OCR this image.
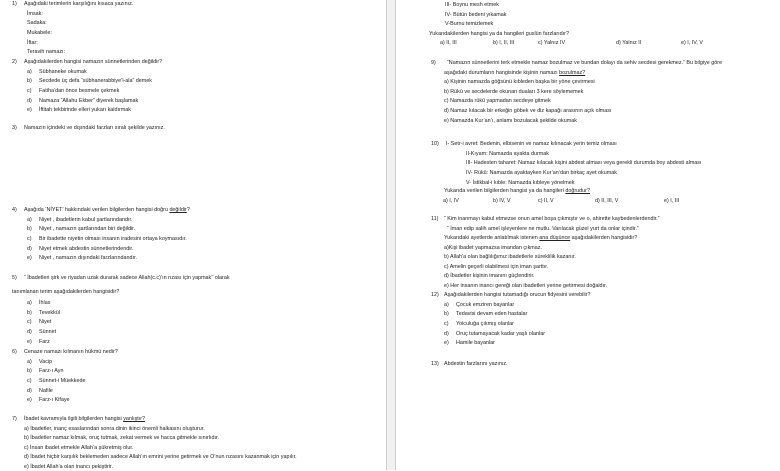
1) Aşağıdaki terimlerin karşılığını kısaca yazınız.
İmsak:
Sadaka:
Mukabele:
İftar:
Teravih namazı:
2) Aşağıdakilerden hangisi namazın sünnetlerinden değildir?
a) Sübhaneke okumak
b) Secdede üç defa “sübhanerabbiye’l-ala” demek
c) Fatiha’dan önce besmele çekmek
d) Namaza “Allahu Ekber” diyerek başlamak
e) İftitah tekbirinde elleri yukarı kaldırmak
3) Namazın içindeki ve dışındaki farzları sıralı şekilde yazınız.
4) Aşağıda ‘NİYET’ hakkındaki verilen bilgilerden hangisi doğru değildir?
a) Niyet , ibadetlerin kabul şartlarındandır.
b) Niyet , namazın şartlarından biri değildir.
c) Bir ibadette niyetin olması insanın iradesini ortaya koymasıdır.
d) Niyet etmek abdestin sünnetlerindendir.
e) Niyet , namazın dışındaki farzlarındandır.
5) “ İbadetleri şirk ve riyadan uzak durarak sadece Allah(c.c)’ın rızası için yapmak’’ olarak
tanımlanan terim aşağıdakilerden hangisidir?
a) İhlas
b) Tevekkül
c) Niyet
d) Sünnet
e) Farz
6) Cenaze namazı kılmanın hükmü nedir?
a) Vacip
b) Farz-ı Ayn
c) Sünnet-i Müekkede
d) Nafile
e) Farz-ı Kifaye
7) İbadet kavramıyla ilgili bilgilerden hangisi yanlıştır?
a) İbadetler, inanç esaslarından sonra dinin ikinci önemli halkasını oluşturur.
b) İbadetler namaz kılmak, oruç tutmak, zekat vermek ve hacca gitmekle sınırlıdır.
c) İnsan ibadet etmekle Allah’a şükretmiş olur.
d) İbadet hiçbir karşılık beklemeden sadece Allah’ın emrini yerine getirmek ve O’nun rızasını kazanmak için yapılır.
e) İbadet Allah’a olan inancı pekiştirir.
III- Boynu mesh etmek
IV- Bütün bedeni yıkamak
V-Burnu temizlemek
Yukarıdakilerden hangisi ya da hangileri guslün farzlarıdır?
a) II, III	b) I, II, III	c) Yalnız IV	d) Yalnız II	e) I, IV, V
9) “Namazın sünnetlerini terk etmekle namaz bozulmaz ve bundan dolayı da sehiv secdesi gerekmez.” Bu bilgiye göre
aşağıdaki durumların hangisinde kişinin namazı bozulmaz?
a) Kişinin namazda göğsünü kıbleden başka bir yöne çevirmesi
b) Rükû ve secdelerde okunan duaları 3 kere söylememek
c) Namazda rükû yapmadan secdeye gitmek
d) Namaz kılacak bir erkeğin göbek ve diz kapağı arasının açık olması
e) Namazda Kur’an’ı, anlamı bozulacak şekilde okumak
10) I- Setr-i avret: Bedenin, elbisenin ve namaz kılınacak yerin temiz olması
II-Kıyam: Namazda ayakta durmak
III- Hadesten taharet: Namaz kılacak kişini abdest alması veya gerekli durumda boy abdesti alması
IV- Rükû: Namazda ayaktayken Kur’an’dan birkaç ayet okumak
V- İstikbal-i kıble: Namazda kıbleye yönelmek
Yukarıda verilen bilgilerden hangisi ya da hangileri doğrudur?
a) I, IV	b) IV, V	c) II, V	d) II, III, V	e) I, III
11) “ Kim inanmayı kabul etmezse onun amel boşa çıkmıştır ve o, ahirette kaybedenlerdendir.”
“ İman edip salih amel işleyenlere ne mutlu. Varılacak güzel yurt da onlar içindir.”
Yukarıdaki ayetlerde anlatılmak istenen ana düşünce aşağıdakilerden hangisidir?
a)Kişi ibadet yapmazsa imandan çıkmaz.
b) Allah’a olan bağlılığımız ibadetlerle süreklilik kazanır.
c) Amelin geçerli olabilmesi için iman şarttır.
d) İbadetler kişinin imanını güçlendirir.
e) Her insanın inancı gereği olan ibadetleri yerine getirmesi doğaldır.
12) Aşağıdakilerden hangisi tutamadığı orucun fidyesini verebilir?
a) Çocuk emziren bayanlar
b) Tedavisi devam eden hastalar
c) Yolculuğa çıkmış olanlar
d) Oruç tutamayacak kadar yaşlı olanlar
e) Hamile bayanlar
13) Abdestin farzlarını yazınız.
